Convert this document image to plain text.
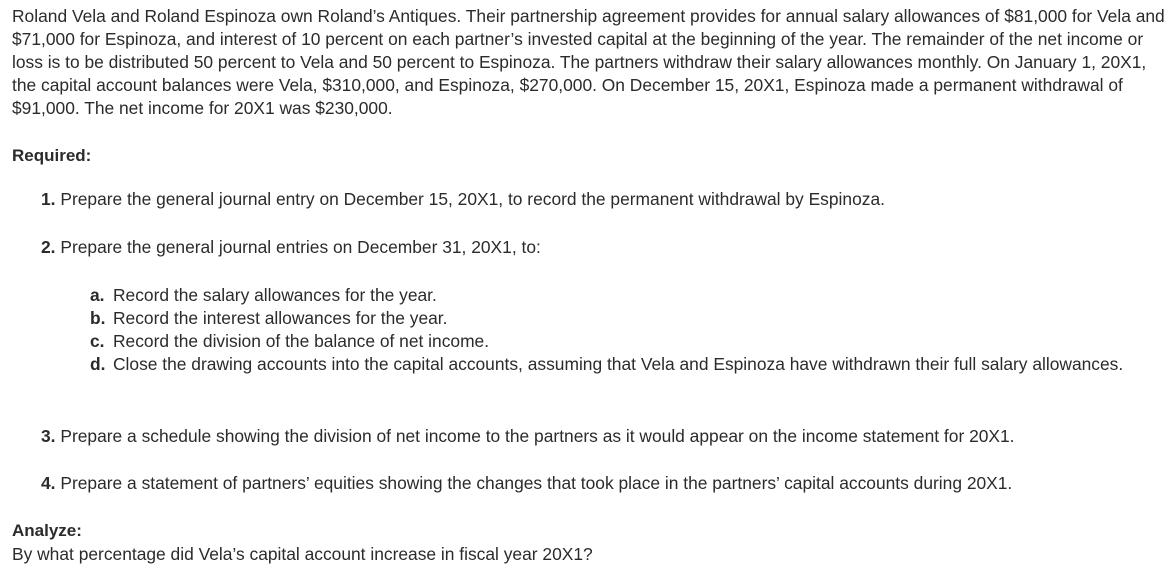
Roland Vela and Roland Espinoza own Roland’s Antiques. Their partnership agreement provides for annual salary allowances of $81,000 for Vela and $71,000 for Espinoza, and interest of 10 percent on each partner’s invested capital at the beginning of the year. The remainder of the net income or loss is to be distributed 50 percent to Vela and 50 percent to Espinoza. The partners withdraw their salary allowances monthly. On January 1, 20X1, the capital account balances were Vela, $310,000, and Espinoza, $270,000. On December 15, 20X1, Espinoza made a permanent withdrawal of $91,000. The net income for 20X1 was $230,000.

Required:

1. Prepare the general journal entry on December 15, 20X1, to record the permanent withdrawal by Espinoza.

2. Prepare the general journal entries on December 31, 20X1, to:

a. Record the salary allowances for the year.
b. Record the interest allowances for the year.
c. Record the division of the balance of net income.
d. Close the drawing accounts into the capital accounts, assuming that Vela and Espinoza have withdrawn their full salary allowances.

3. Prepare a schedule showing the division of net income to the partners as it would appear on the income statement for 20X1.

4. Prepare a statement of partners’ equities showing the changes that took place in the partners’ capital accounts during 20X1.

Analyze:

By what percentage did Vela’s capital account increase in fiscal year 20X1?
